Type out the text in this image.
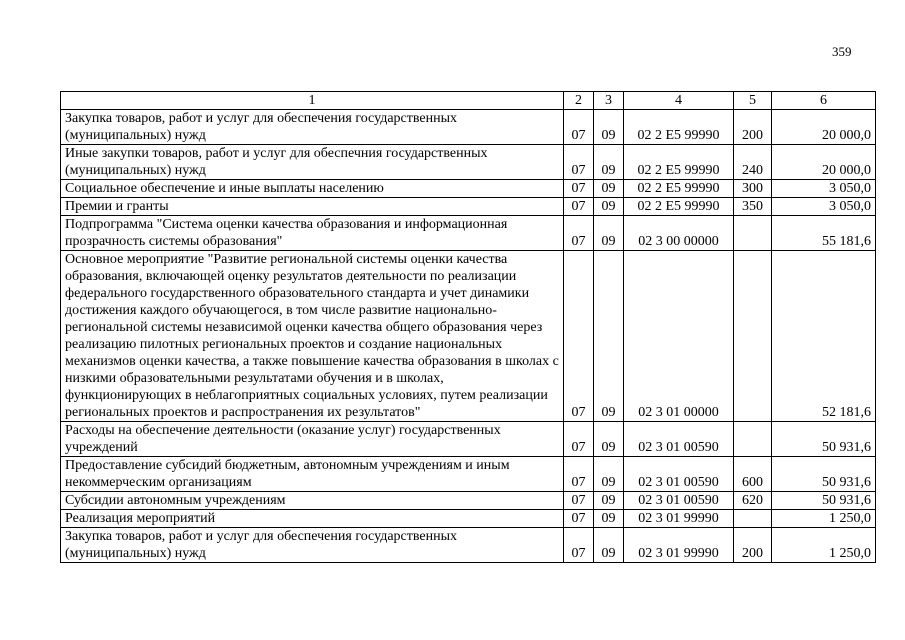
359
1	2	3	4	5	6
Закупка товаров, работ и услуг для обеспечения государственных (муниципальных) нужд	07	09	02 2 E5 99990	200	20 000,0
Иные закупки товаров, работ и услуг для обеспечния государственных (муниципальных) нужд	07	09	02 2 E5 99990	240	20 000,0
Социальное обеспечение и иные выплаты населению	07	09	02 2 E5 99990	300	3 050,0
Премии и гранты	07	09	02 2 E5 99990	350	3 050,0
Подпрограмма "Система оценки качества образования и информационная прозрачность системы образования"	07	09	02 3 00 00000		55 181,6
Основное мероприятие "Развитие региональной системы оценки качества образования, включающей оценку результатов деятельности по реализации федерального государственного образовательного стандарта и учет динамики достижения каждого обучающегося, в том числе развитие национально-региональной системы независимой оценки качества общего образования через реализацию пилотных региональных проектов и создание национальных механизмов оценки качества, а также повышение качества образования в школах с низкими образовательными результатами обучения и в школах, функционирующих в неблагоприятных социальных условиях, путем реализации региональных проектов и распространения их результатов"	07	09	02 3 01 00000		52 181,6
Расходы на обеспечение деятельности (оказание услуг) государственных учреждений	07	09	02 3 01 00590		50 931,6
Предоставление субсидий бюджетным, автономным учреждениям и иным некоммерческим организациям	07	09	02 3 01 00590	600	50 931,6
Субсидии автономным учреждениям	07	09	02 3 01 00590	620	50 931,6
Реализация мероприятий	07	09	02 3 01 99990		1 250,0
Закупка товаров, работ и услуг для обеспечения государственных (муниципальных) нужд	07	09	02 3 01 99990	200	1 250,0
